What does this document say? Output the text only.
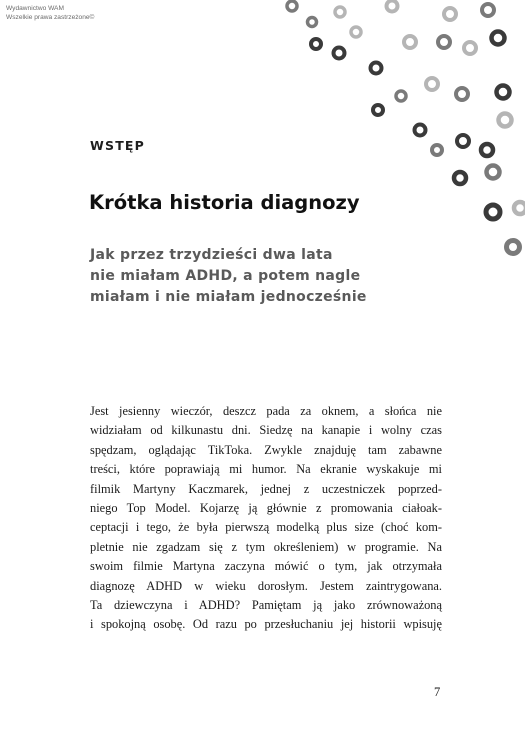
Wydawnictwo WAM
Wszelkie prawa zastrzeżone©
WSTĘP
Krótka historia diagnozy
Jak przez trzydzieści dwa lata
nie miałam ADHD, a potem nagle
miałam i nie miałam jednocześnie
Jest jesienny wieczór, deszcz pada za oknem, a słońca nie
widziałam od kilkunastu dni. Siedzę na kanapie i wolny czas
spędzam, oglądając TikToka. Zwykle znajduję tam zabawne
treści, które poprawiają mi humor. Na ekranie wyskakuje mi
filmik Martyny Kaczmarek, jednej z uczestniczek poprzed-
niego Top Model. Kojarzę ją głównie z promowania ciałoak-
ceptacji i tego, że była pierwszą modelką plus size (choć kom-
pletnie nie zgadzam się z tym określeniem) w programie. Na
swoim filmie Martyna zaczyna mówić o tym, jak otrzymała
diagnozę ADHD w wieku dorosłym. Jestem zaintrygowana.
Ta dziewczyna i ADHD? Pamiętam ją jako zrównoważoną
i spokojną osobę. Od razu po przesłuchaniu jej historii wpisuję
7
